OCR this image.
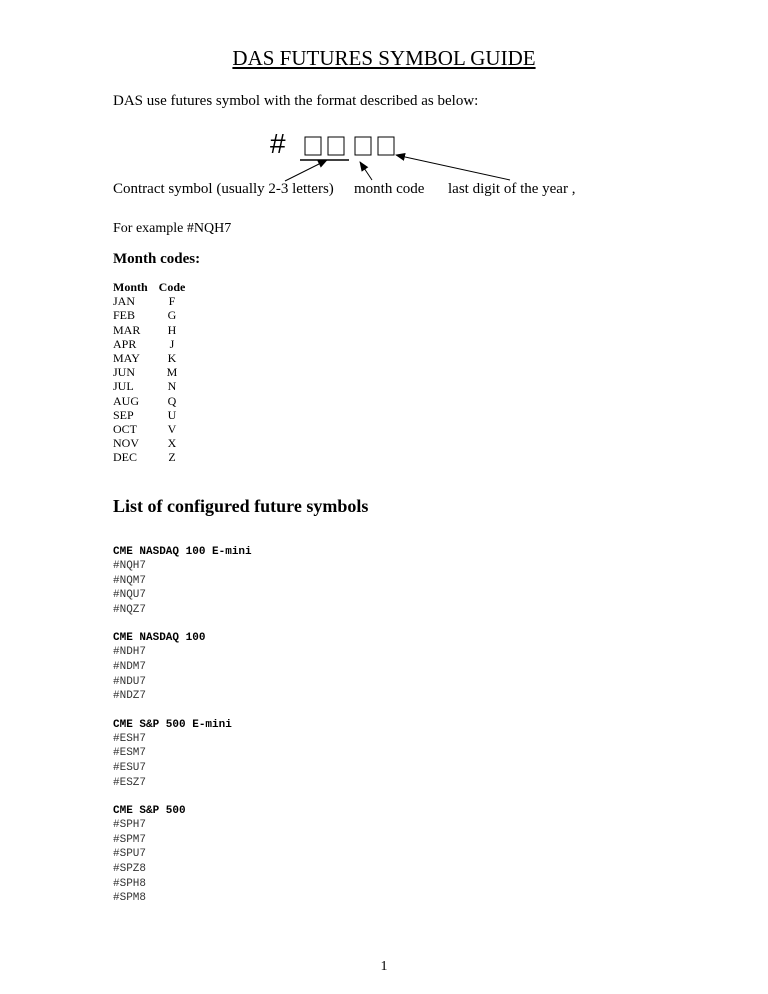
DAS FUTURES SYMBOL GUIDE
DAS use futures symbol with the format described as below:
#
Contract symbol (usually 2-3 letters) month code last digit of the year ,
For example #NQH7
Month codes:
Month Code
JAN	F
FEB	G
MAR	H
APR	J
MAY	K
JUN	M
JUL	N
AUG	Q
SEP	U
OCT	V
NOV	X
DEC	Z
List of configured future symbols
CME NASDAQ 100 E-mini
#NQH7
#NQM7
#NQU7
#NQZ7
CME NASDAQ 100
#NDH7
#NDM7
#NDU7
#NDZ7
CME S&P 500 E-mini
#ESH7
#ESM7
#ESU7
#ESZ7
CME S&P 500
#SPH7
#SPM7
#SPU7
#SPZ8
#SPH8
#SPM8
1
